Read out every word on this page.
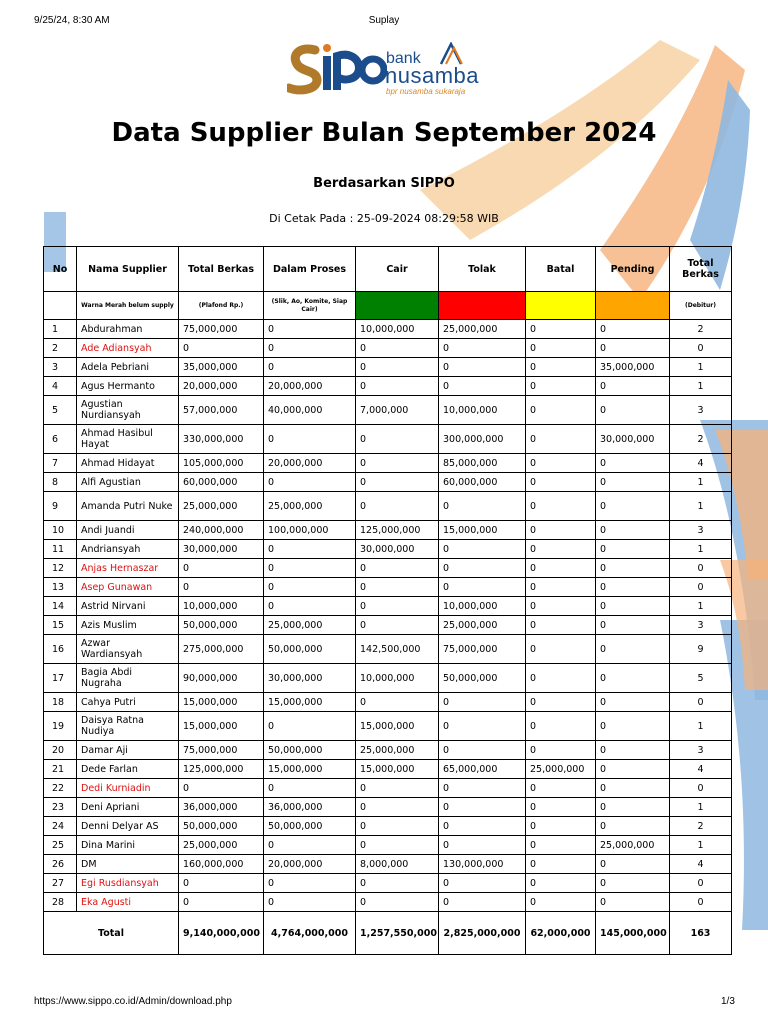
9/25/24, 8:30 AM	Suplay
bank
nusamba
bpr nusamba sukaraja
Data Supplier Bulan September 2024
Berdasarkan SIPPO
Di Cetak Pada : 25-09-2024 08:29:58 WIB
No	Nama Supplier	Total Berkas	Dalam Proses	Cair	Tolak	Batal	Pending	Total Berkas
	Warna Merah belum supply	(Plafond Rp.)	(Slik, Ao, Komite, Siap Cair)					(Debitur)
1	Abdurahman	75,000,000	0	10,000,000	25,000,000	0	0	2
2	Ade Adiansyah	0	0	0	0	0	0	0
3	Adela Pebriani	35,000,000	0	0	0	0	35,000,000	1
4	Agus Hermanto	20,000,000	20,000,000	0	0	0	0	1
5	Agustian Nurdiansyah	57,000,000	40,000,000	7,000,000	10,000,000	0	0	3
6	Ahmad Hasibul Hayat	330,000,000	0	0	300,000,000	0	30,000,000	2
7	Ahmad Hidayat	105,000,000	20,000,000	0	85,000,000	0	0	4
8	Alfi Agustian	60,000,000	0	0	60,000,000	0	0	1
9	Amanda Putri Nuke	25,000,000	25,000,000	0	0	0	0	1
10	Andi Juandi	240,000,000	100,000,000	125,000,000	15,000,000	0	0	3
11	Andriansyah	30,000,000	0	30,000,000	0	0	0	1
12	Anjas Hernaszar	0	0	0	0	0	0	0
13	Asep Gunawan	0	0	0	0	0	0	0
14	Astrid Nirvani	10,000,000	0	0	10,000,000	0	0	1
15	Azis Muslim	50,000,000	25,000,000	0	25,000,000	0	0	3
16	Azwar Wardiansyah	275,000,000	50,000,000	142,500,000	75,000,000	0	0	9
17	Bagia Abdi Nugraha	90,000,000	30,000,000	10,000,000	50,000,000	0	0	5
18	Cahya Putri	15,000,000	15,000,000	0	0	0	0	0
19	Daisya Ratna Nudiya	15,000,000	0	15,000,000	0	0	0	1
20	Damar Aji	75,000,000	50,000,000	25,000,000	0	0	0	3
21	Dede Farlan	125,000,000	15,000,000	15,000,000	65,000,000	25,000,000	0	4
22	Dedi Kurniadin	0	0	0	0	0	0	0
23	Deni Apriani	36,000,000	36,000,000	0	0	0	0	1
24	Denni Delyar AS	50,000,000	50,000,000	0	0	0	0	2
25	Dina Marini	25,000,000	0	0	0	0	25,000,000	1
26	DM	160,000,000	20,000,000	8,000,000	130,000,000	0	0	4
27	Egi Rusdiansyah	0	0	0	0	0	0	0
28	Eka Agusti	0	0	0	0	0	0	0
Total		9,140,000,000	4,764,000,000	1,257,550,000	2,825,000,000	62,000,000	145,000,000	163
https://www.sippo.co.id/Admin/download.php	1/3
